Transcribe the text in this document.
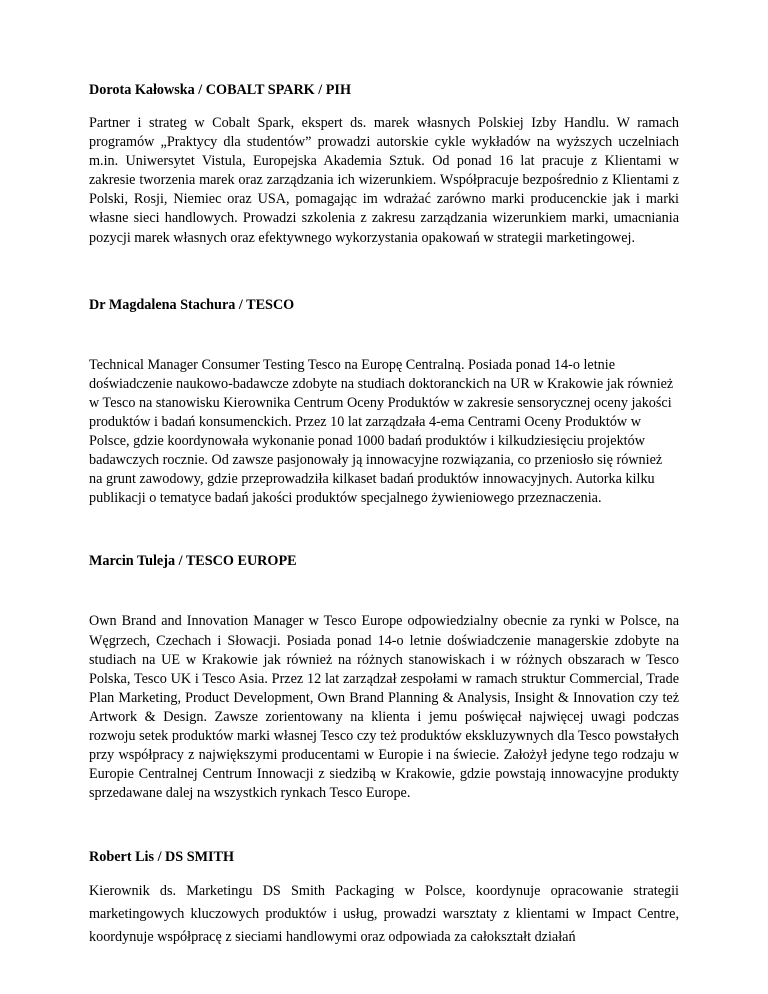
Dorota Kałowska / COBALT SPARK / PIH

Partner i strateg w Cobalt Spark, ekspert ds. marek własnych Polskiej Izby Handlu. W ramach programów „Praktycy dla studentów” prowadzi autorskie cykle wykładów na wyższych uczelniach m.in. Uniwersytet Vistula, Europejska Akademia Sztuk. Od ponad 16 lat pracuje z Klientami w zakresie tworzenia marek oraz zarządzania ich wizerunkiem. Współpracuje bezpośrednio z Klientami z Polski, Rosji, Niemiec oraz USA, pomagając im wdrażać zarówno marki producenckie jak i marki własne sieci handlowych. Prowadzi szkolenia z zakresu zarządzania wizerunkiem marki, umacniania pozycji marek własnych oraz efektywnego wykorzystania opakowań w strategii marketingowej.

Dr Magdalena Stachura / TESCO

Technical Manager Consumer Testing Tesco na Europę Centralną. Posiada ponad 14-o letnie doświadczenie naukowo-badawcze zdobyte na studiach doktoranckich na UR w Krakowie jak również w Tesco na stanowisku Kierownika Centrum Oceny Produktów w zakresie sensorycznej oceny jakości produktów i badań konsumenckich. Przez 10 lat zarządzała 4-ema Centrami Oceny Produktów w Polsce, gdzie koordynowała wykonanie ponad 1000 badań produktów i kilkudziesięciu projektów badawczych rocznie. Od zawsze pasjonowały ją innowacyjne rozwiązania, co przeniosło się również na grunt zawodowy, gdzie przeprowadziła kilkaset badań produktów innowacyjnych. Autorka kilku publikacji o tematyce badań jakości produktów specjalnego żywieniowego przeznaczenia.

Marcin Tuleja / TESCO EUROPE

Own Brand and Innovation Manager w Tesco Europe odpowiedzialny obecnie za rynki w Polsce, na Węgrzech, Czechach i Słowacji. Posiada ponad 14-o letnie doświadczenie managerskie zdobyte na studiach na UE w Krakowie jak również na różnych stanowiskach i w różnych obszarach w Tesco Polska, Tesco UK i Tesco Asia. Przez 12 lat zarządzał zespołami w ramach struktur Commercial, Trade Plan Marketing, Product Development, Own Brand Planning & Analysis, Insight & Innovation czy też Artwork & Design. Zawsze zorientowany na klienta i jemu poświęcał najwięcej uwagi podczas rozwoju setek produktów marki własnej Tesco czy też produktów ekskluzywnych dla Tesco powstałych przy współpracy z największymi producentami w Europie i na świecie. Założył jedyne tego rodzaju w Europie Centralnej Centrum Innowacji z siedzibą w Krakowie, gdzie powstają innowacyjne produkty sprzedawane dalej na wszystkich rynkach Tesco Europe.

Robert Lis / DS SMITH

Kierownik ds. Marketingu DS Smith Packaging w Polsce, koordynuje opracowanie strategii marketingowych kluczowych produktów i usług, prowadzi warsztaty z klientami w Impact Centre, koordynuje współpracę z sieciami handlowymi oraz odpowiada za całokształt działań
